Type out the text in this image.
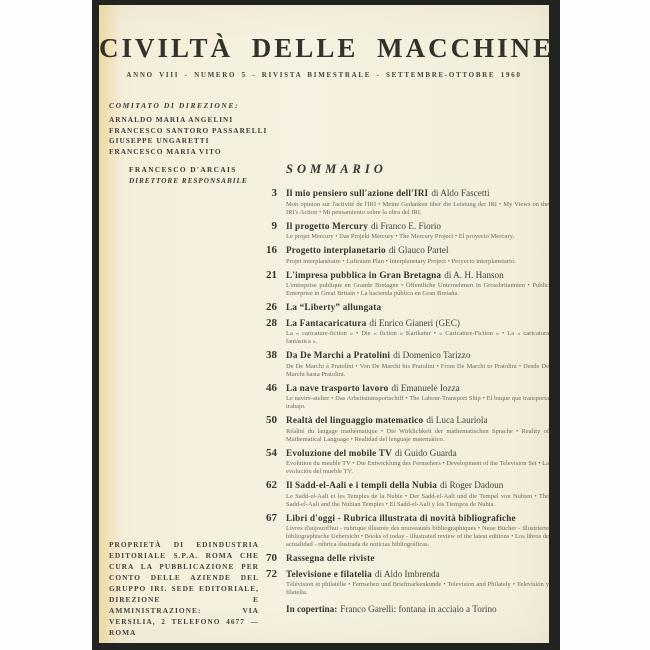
CIVILTÀ DELLE MACCHINE
ANNO VIII - NUMERO 5 - RIVISTA BIMESTRALE - SETTEMBRE-OTTOBRE 1960
COMITATO DI DIREZIONE:
ARNALDO MARIA ANGELINI
FRANCESCO SANTORO PASSARELLI
GIUSEPPE UNGARETTI
FRANCESCO MARIA VITO
FRANCESCO D'ARCAIS
DIRETTORE RESPONSABILE
PROPRIETÀ DI EDINDUSTRIA EDITORIALE S.P.A. ROMA CHE CURA LA PUBBLICAZIONE PER CONTO DELLE AZIENDE DEL GRUPPO IRI. SEDE EDITORIALE, DIREZIONE E AMMINISTRAZIONE: VIA VERSILIA, 2 TELEFONO 4677 — ROMA
SOMMARIO
3 Il mio pensiero sull'azione dell'IRI di Aldo Fascetti
Mon opinion sur l'activité de l'IRI • Meine Gedanken über die Leistung der IRI • My Views on the IRI's Action • Mi pensamiento sobre la obra del IRI.
9 Il progetto Mercury di Franco E. Fiorio
Le projet Mercury • Das Projekt Mercury • The Mercury Project • El proyecto Mercury.
16 Progetto interplanetario di Glauco Partel
Projet interplanétaire • Luftraum Plan • Interplanetary Project • Proyecto interplanetario.
21 L'impresa pubblica in Gran Bretagna di A. H. Hanson
L'entreprise publique en Grande Bretagne • Öffentliche Unternehmen in Grossbritannien • Public Enterprise in Great Britain • La hacienda pública en Gran Bretaña.
26 La “Liberty” allungata
28 La Fantacaricatura di Enrico Gianeri (GEC)
La « caricature-fiction » • Die « fiction » Karikatur • « Caricature-Fiction » • La « caricatura fantástica ».
38 Da De Marchi a Pratolini di Domenico Tarizzo
De De Marchi à Pratolini • Von De Marchi bis Pratolini • From De Marchi to Pratolini • Desde De Marchi hasta Pratolini.
46 La nave trasporto lavoro di Emanuele Iozza
Le navire-atelier • Das Arbeitstransportschiff • The Labour-Transport Ship • El buque que transporta trabajo.
50 Realtà del linguaggio matematico di Luca Lauriola
Réalité du langage mathématique • Die Wirklichkeit der mathematischen Sprache • Reality of Mathematical Language • Realidad del lenguaje matemático.
54 Evoluzione del mobile TV di Guido Guarda
Evolution du meuble TV • Die Entwicklung des Fernsehers • Development of the Television Set • La evolución del mueble TV.
62 Il Sadd-el-Aali e i templi della Nubia di Roger Dadoun
Le Sadd-el-Aali et les Temples de la Nubie • Der Sadd-el-Aali und die Tempel von Nubien • The Sadd-el-Aali and the Nubian Temples • El Sadd-el-Aali y los Tiempos de Nubia.
67 Libri d'oggi - Rubrica illustrata di novità bibliografiche
Livres d'aujourd'hui - rubrique illustrée des nouveautés bibliographiques • Neue Bücher - illustrierte bibliographische Uebersicht • Books of today - illustrated review of the latest editions • Los libros de actualidad - rúbrica ilustrada de noticias bibliográficas.
70 Rassegna delle riviste
72 Televisione e filatelia di Aldo Imbrenda
Télévision et philatélie • Fernsehen und Briefmarkenkunde • Television and Philately • Televisión y filatelia.
In copertina: Franco Garelli: fontana in acciaio a Torino
